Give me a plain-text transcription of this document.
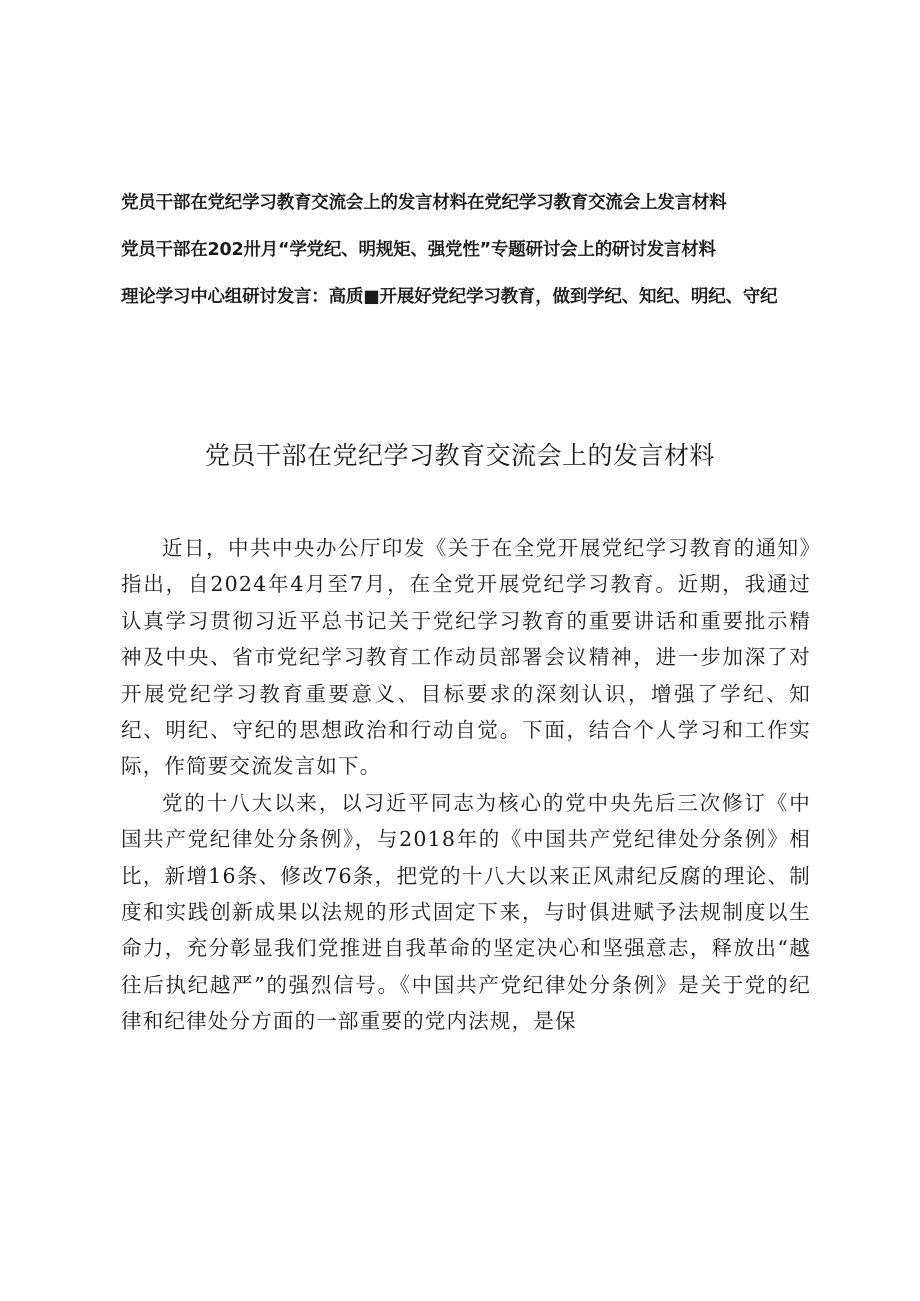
党员干部在党纪学习教育交流会上的发言材料在党纪学习教育交流会上发言材料
党员干部在202卅月“学党纪、明规矩、强党性”专题研讨会上的研讨发言材料
理论学习中心组研讨发言：高质■开展好党纪学习教育，做到学纪、知纪、明纪、守纪
党员干部在党纪学习教育交流会上的发言材料

近日，中共中央办公厅印发《关于在全党开展党纪学习教育的通知》指出，自2024年4月至7月，在全党开展党纪学习教育。近期，我通过认真学习贯彻习近平总书记关于党纪学习教育的重要讲话和重要批示精神及中央、省市党纪学习教育工作动员部署会议精神，进一步加深了对开展党纪学习教育重要意义、目标要求的深刻认识，增强了学纪、知纪、明纪、守纪的思想政治和行动自觉。下面，结合个人学习和工作实际，作简要交流发言如下。

党的十八大以来，以习近平同志为核心的党中央先后三次修订《中国共产党纪律处分条例》，与2018年的《中国共产党纪律处分条例》相比，新增16条、修改76条，把党的十八大以来正风肃纪反腐的理论、制度和实践创新成果以法规的形式固定下来，与时俱进赋予法规制度以生命力，充分彰显我们党推进自我革命的坚定决心和坚强意志，释放出“越往后执纪越严”的强烈信号。《中国共产党纪律处分条例》是关于党的纪律和纪律处分方面的一部重要的党内法规，是保
